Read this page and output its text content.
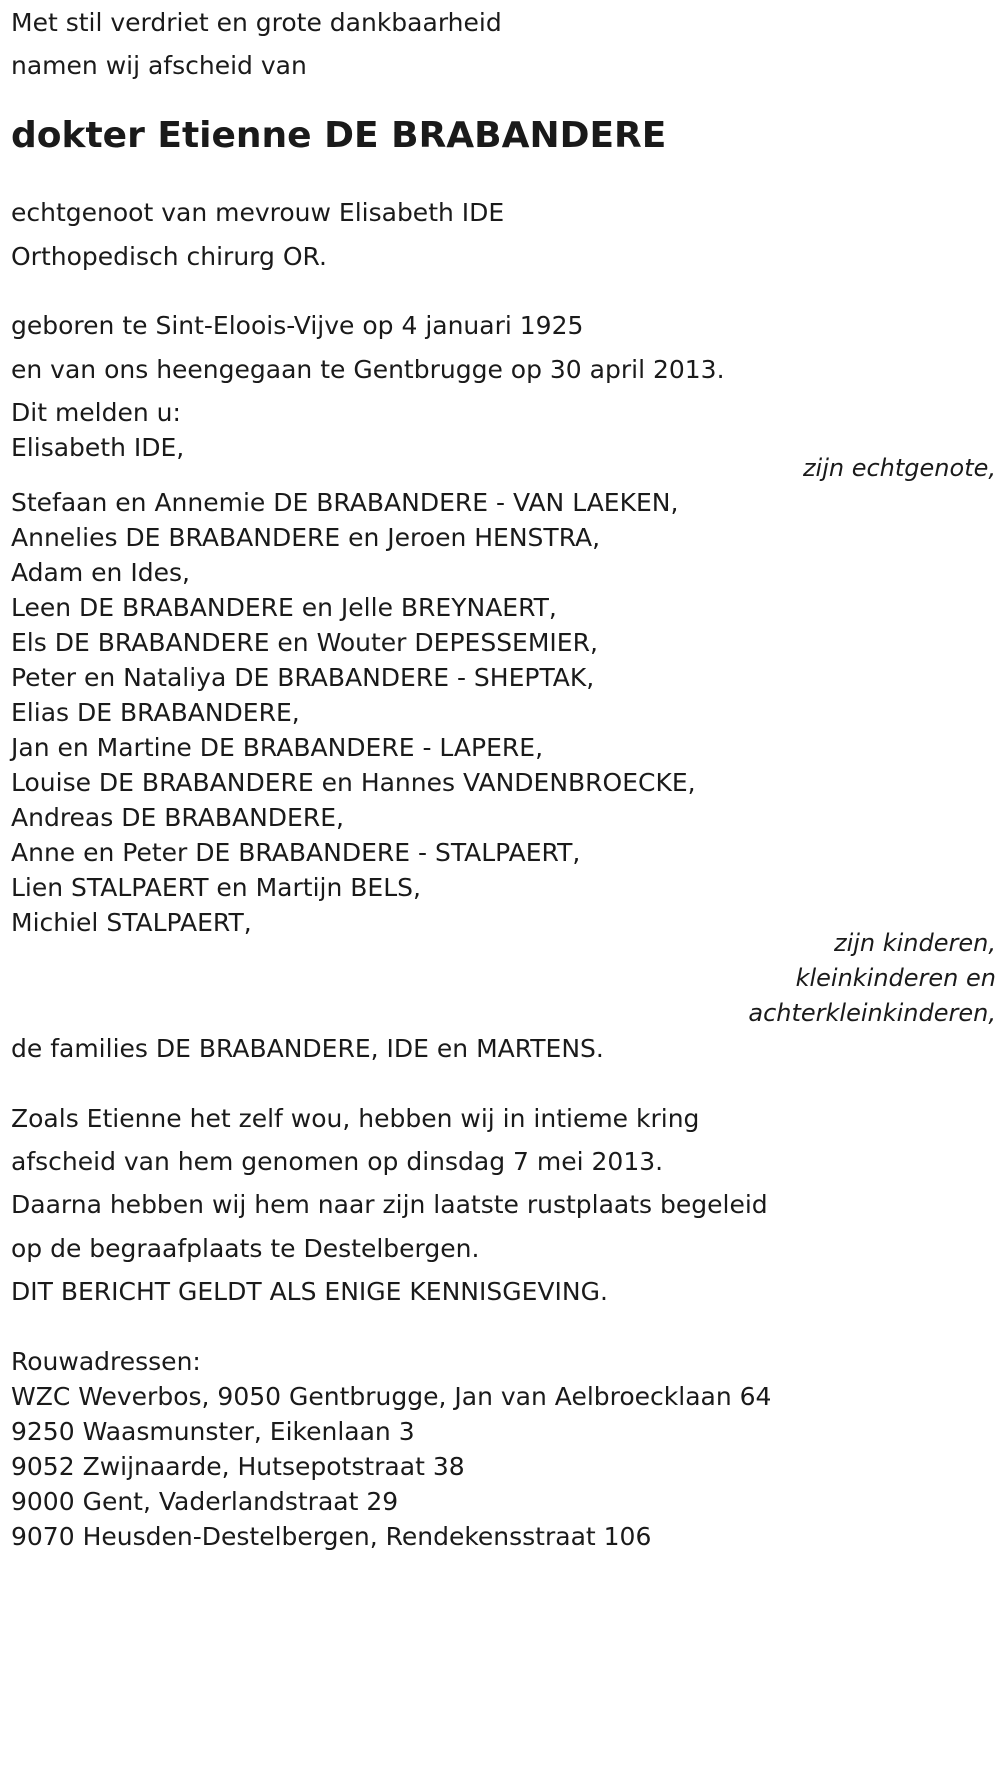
Met stil verdriet en grote dankbaarheid
namen wij afscheid van
dokter Etienne DE BRABANDERE
echtgenoot van mevrouw Elisabeth IDE
Orthopedisch chirurg OR.
geboren te Sint-Eloois-Vijve op 4 januari 1925
en van ons heengegaan te Gentbrugge op 30 april 2013.
Dit melden u:
Elisabeth IDE,
zijn echtgenote,
Stefaan en Annemie DE BRABANDERE - VAN LAEKEN,
Annelies DE BRABANDERE en Jeroen HENSTRA,
Adam en Ides,
Leen DE BRABANDERE en Jelle BREYNAERT,
Els DE BRABANDERE en Wouter DEPESSEMIER,
Peter en Nataliya DE BRABANDERE - SHEPTAK,
Elias DE BRABANDERE,
Jan en Martine DE BRABANDERE - LAPERE,
Louise DE BRABANDERE en Hannes VANDENBROECKE,
Andreas DE BRABANDERE,
Anne en Peter DE BRABANDERE - STALPAERT,
Lien STALPAERT en Martijn BELS,
Michiel STALPAERT,
zijn kinderen,
kleinkinderen en
achterkleinkinderen,
de families DE BRABANDERE, IDE en MARTENS.
Zoals Etienne het zelf wou, hebben wij in intieme kring
afscheid van hem genomen op dinsdag 7 mei 2013.
Daarna hebben wij hem naar zijn laatste rustplaats begeleid
op de begraafplaats te Destelbergen.
DIT BERICHT GELDT ALS ENIGE KENNISGEVING.
Rouwadressen:
WZC Weverbos, 9050 Gentbrugge, Jan van Aelbroecklaan 64
9250 Waasmunster, Eikenlaan 3
9052 Zwijnaarde, Hutsepotstraat 38
9000 Gent, Vaderlandstraat 29
9070 Heusden-Destelbergen, Rendekensstraat 106
